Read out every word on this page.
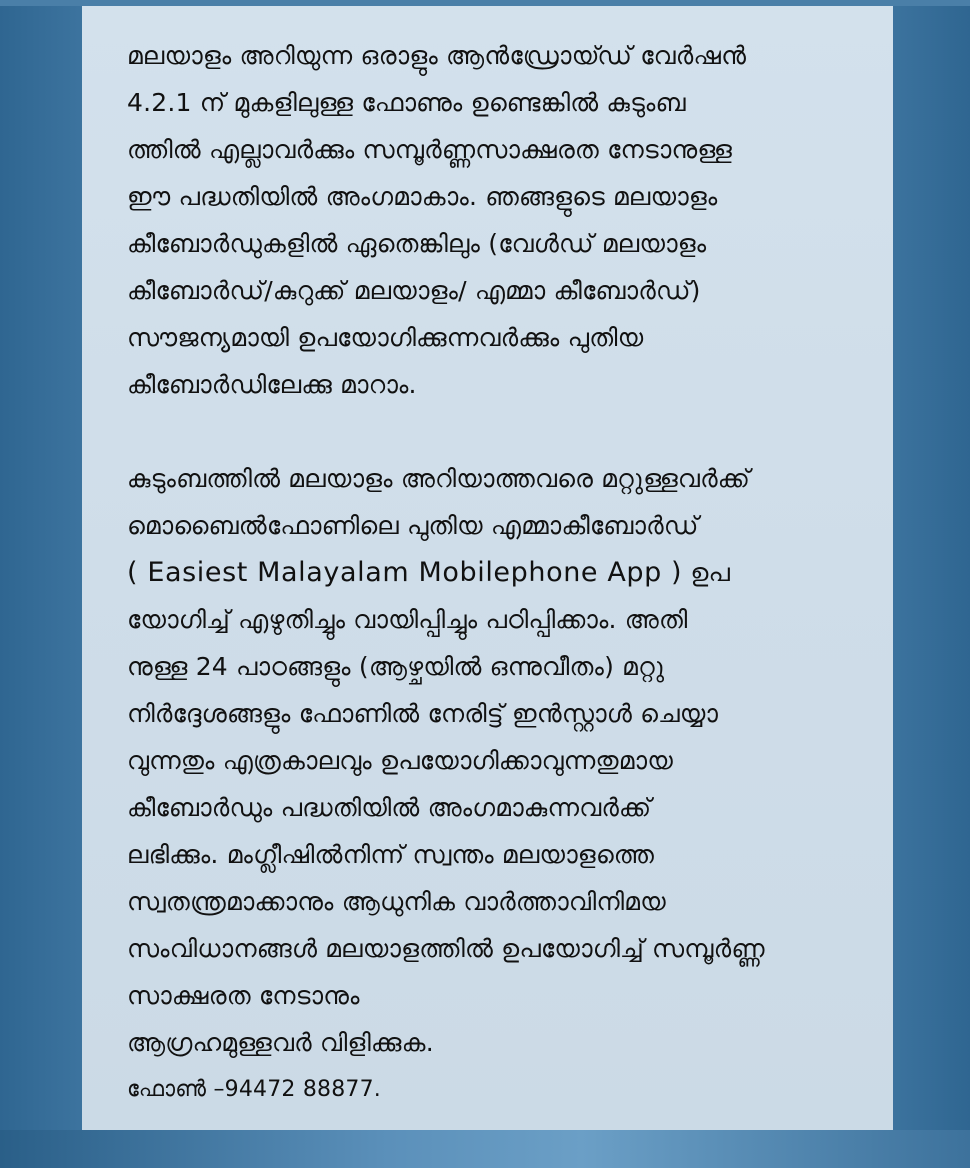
മലയാളം അറിയുന്ന ഒരാളും ആൻഡ്രോയ്ഡ് വേർഷൻ
4.2.1 ന് മുകളിലുള്ള ഫോണും ഉണ്ടെങ്കിൽ കുടുംബ
ത്തിൽ എല്ലാവർക്കും സമ്പൂർണ്ണസാക്ഷരത നേടാനുള്ള
ഈ പദ്ധതിയിൽ അംഗമാകാം. ഞങ്ങളുടെ മലയാളം
കീബോർഡുകളിൽ ഏതെങ്കിലും (വേൾഡ് മലയാളം
കീബോർഡ്/കുറുക്ക് മലയാളം/ എമ്മാ കീബോർഡ്)
സൗജന്യമായി ഉപയോഗിക്കുന്നവർക്കും പുതിയ
കീബോർഡിലേക്കു മാറാം.
കുടുംബത്തിൽ മലയാളം അറിയാത്തവരെ മറ്റുള്ളവർക്ക്
മൊബൈൽഫോണിലെ പുതിയ എമ്മാകീബോർഡ്
( Easiest Malayalam Mobilephone App ) ഉപ
യോഗിച്ച് എഴുതിച്ചും വായിപ്പിച്ചും പഠിപ്പിക്കാം. അതി
നുള്ള 24 പാഠങ്ങളും (ആഴ്ചയിൽ ഒന്നുവീതം) മറ്റു
നിർദ്ദേശങ്ങളും ഫോണിൽ നേരിട്ട് ഇൻസ്റ്റാൾ ചെയ്യാ
വുന്നതും എത്രകാലവും ഉപയോഗിക്കാവുന്നതുമായ
കീബോർഡും പദ്ധതിയിൽ അംഗമാകുന്നവർക്ക്
ലഭിക്കും. മംഗ്ലീഷിൽനിന്ന് സ്വന്തം മലയാളത്തെ
സ്വതന്ത്രമാക്കാനും ആധുനിക വാർത്താവിനിമയ
സംവിധാനങ്ങൾ മലയാളത്തിൽ ഉപയോഗിച്ച് സമ്പൂർണ്ണ
സാക്ഷരത നേടാനും
ആഗ്രഹമുള്ളവർ വിളിക്കുക.
ഫോൺ –94472 88877.
